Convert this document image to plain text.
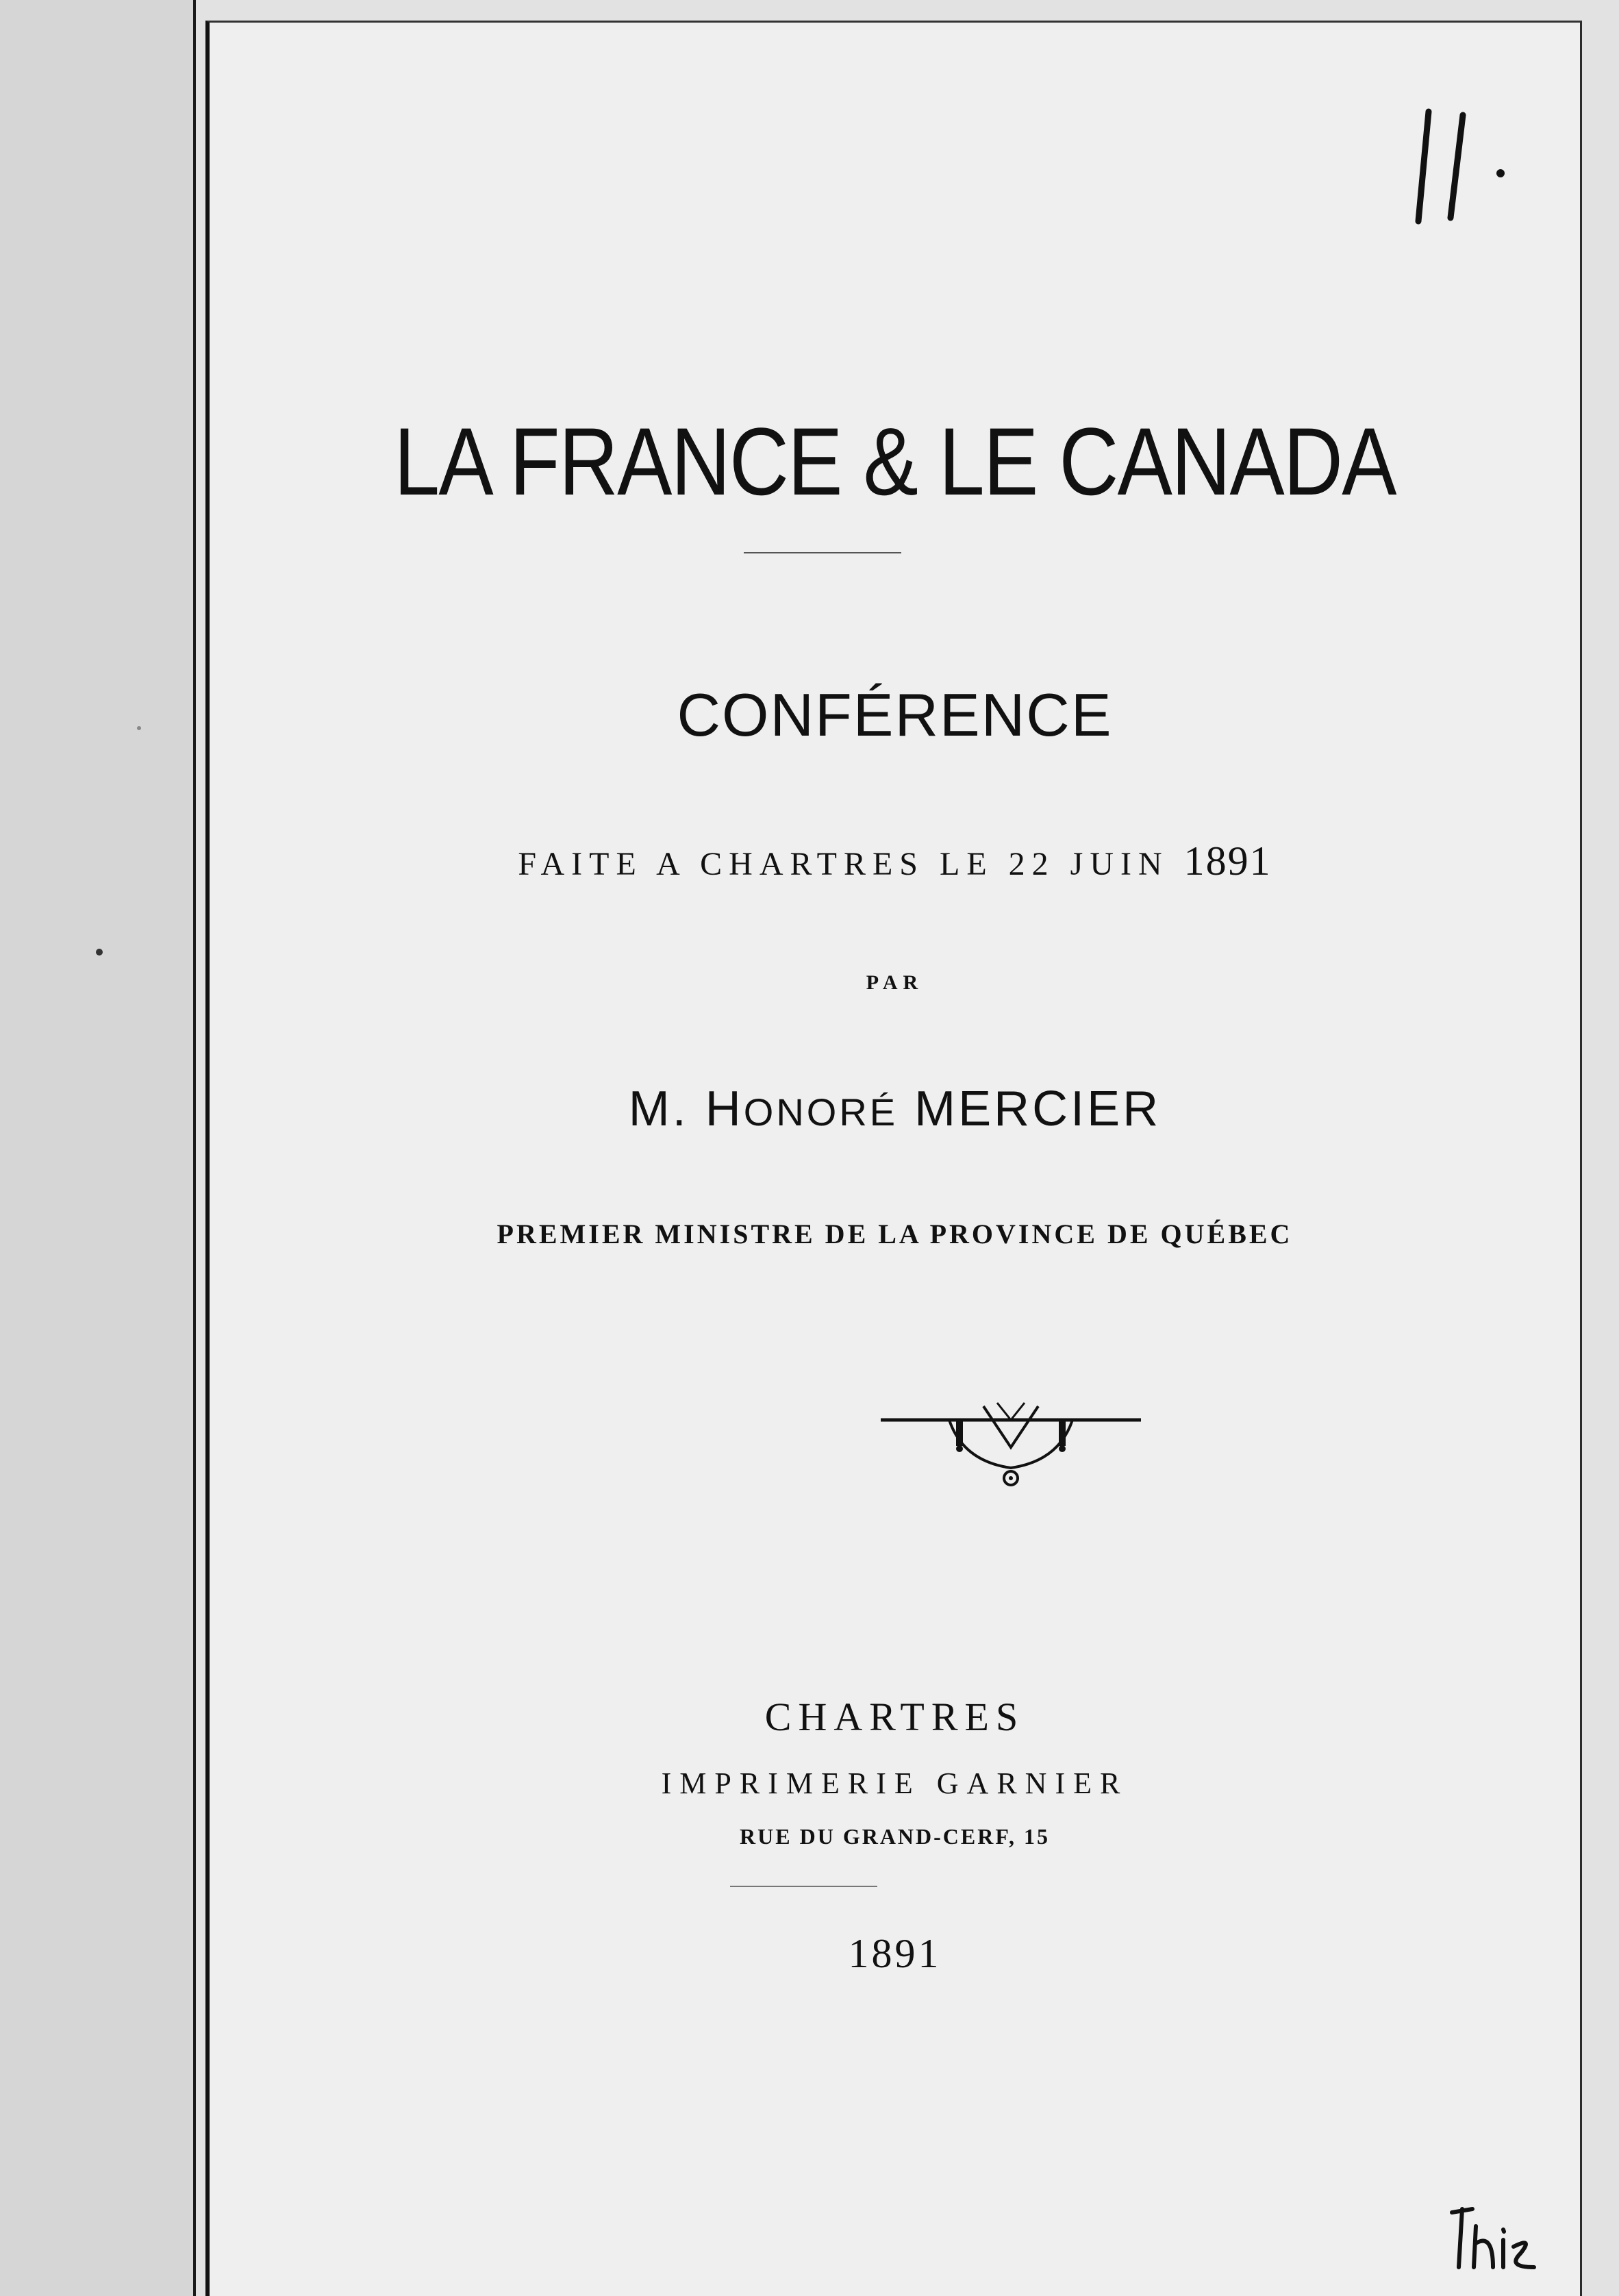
LA FRANCE & LE CANADA
CONFÉRENCE
FAITE A CHARTRES LE 22 JUIN 1891
PAR
M. HONORÉ MERCIER
PREMIER MINISTRE DE LA PROVINCE DE QUÉBEC
CHARTRES
IMPRIMERIE GARNIER
RUE DU GRAND-CERF, 15
1891
